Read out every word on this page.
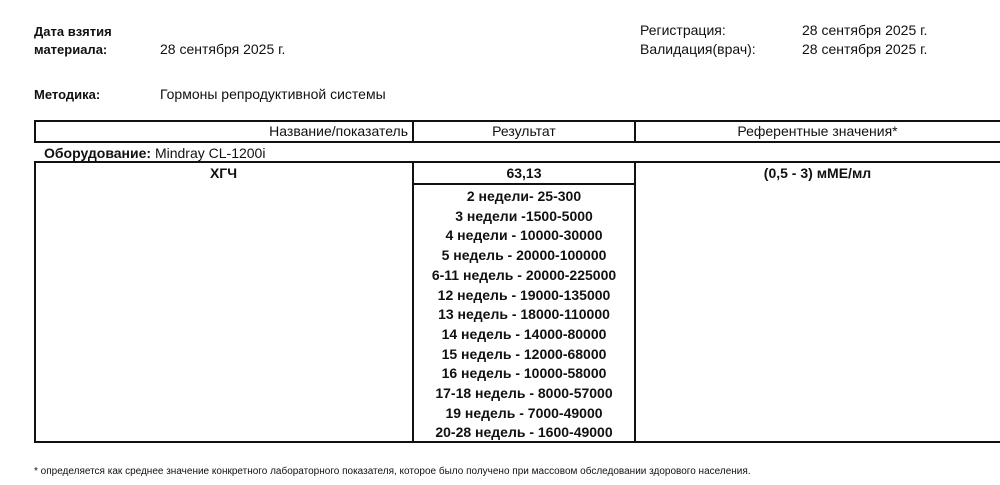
Дата взятия
материала:	28 сентября 2025 г.
Регистрация:	28 сентября 2025 г.
Валидация(врач):	28 сентября 2025 г.
Методика:	Гормоны репродуктивной системы
Название/показатель	Результат	Референтные значения*
Оборудование: Mindray CL-1200i
ХГЧ	63,13	(0,5 - 3) мМЕ/мл
2 недели- 25-300
3 недели -1500-5000
4 недели - 10000-30000
5 недель - 20000-100000
6-11 недель - 20000-225000
12 недель - 19000-135000
13 недель - 18000-110000
14 недель - 14000-80000
15 недель - 12000-68000
16 недель - 10000-58000
17-18 недель - 8000-57000
19 недель - 7000-49000
20-28 недель - 1600-49000
* определяется как среднее значение конкретного лабораторного показателя, которое было получено при массовом обследовании здорового населения.
